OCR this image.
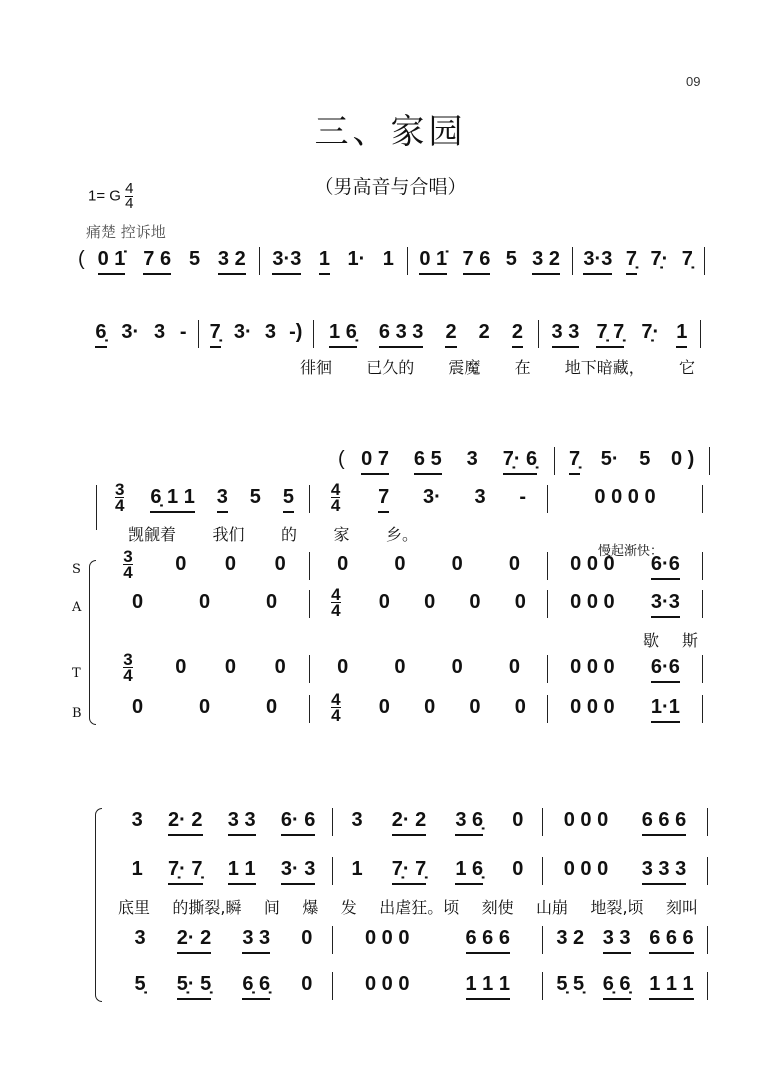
09
三、家园
（男高音与合唱）
1= G $\frac{4}{4}$
痛楚 控诉地
慢起渐快：
S
A
T
B
( 0 1̇ 7 6 5 3 2 3·3 1 1· 1 0 1̇ 7 6 5 3 2 3·3 7̣ 7̣· 7̣
6̣ 3· 3 - 7̣ 3· 3 -) 1 6̣ 6 3 3 2 2 2 3 3 7̣ 7̣ 7̣· 1
( 0 7 6 5 3 7̣· 6̣ 7̣ 5· 5 0 )
3
4 6̣ 1 1 3 5 5 4
4 7 3· 3 -	0 0 0 0
3
4 0 0 0	0 0 0 0	0 0 0 6·6
0	0	0	4
4 0 0 0 0 0 0 0 3·3
3
4 0 0 0	0 0 0 0	0 0 0 6·6
0	0	0	4
4 0 0 0 0 0 0 0 1·1
3 2· 2 3 3 6· 6 3 2· 2 3 6̣ 0 0 0 0 6 6 6
1 7̣· 7̣ 1 1 3· 3 1 7̣· 7̣ 1 6̣ 0 0 0 0 3 3 3
3 2· 2 3 3 0	0 0 0	6 6 6 3 2 3 3 6 6 6
5̣ 5̣· 5̣ 6̣ 6̣ 0	0 0 0	1 1 1 5̣ 5̣ 6̣ 6̣ 1 1 1
徘徊 已久的 震魔 在 地下暗藏， 它
觊觎着 我们 的 家 乡。
歇 斯
底里 的撕裂,瞬 间 爆 发 出虐狂。顷 刻使 山崩 地裂,顷 刻叫
